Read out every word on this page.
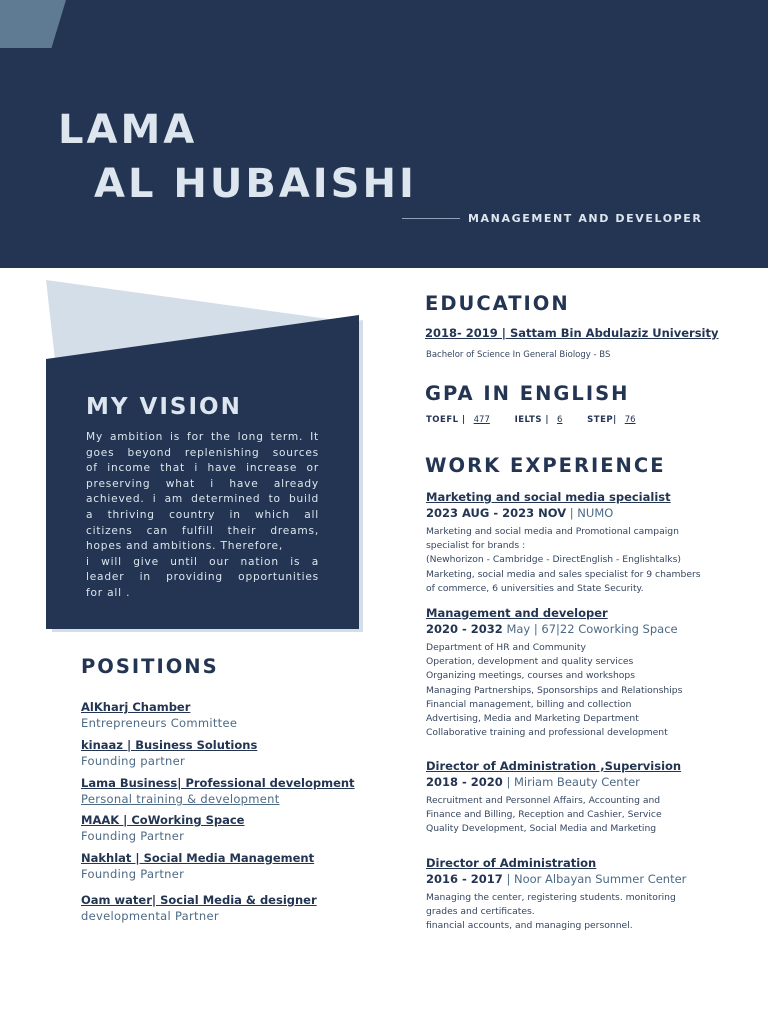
LAMA
AL HUBAISHI
MANAGEMENT AND DEVELOPER
MY VISION
My ambition is for the long term. It
goes beyond replenishing sources
of income that i have increase or
preserving what i have already
achieved. i am determined to build
a thriving country in which all
citizens can fulfill their dreams,
hopes and ambitions. Therefore,
i will give until our nation is a
leader in providing opportunities
for all .
POSITIONS
AlKharj Chamber
Entrepreneurs Committee
kinaaz | Business Solutions
Founding partner
Lama Business| Professional development
Personal training & development
MAAK | CoWorking Space
Founding Partner
Nakhlat | Social Media Management
Founding Partner
Oam water| Social Media & designer
developmental Partner
EDUCATION
2018- 2019 | Sattam Bin Abdulaziz University
Bachelor of Science In General Biology - BS
GPA IN ENGLISH
TOEFL | 477	IELTS | 6	STEP| 76
WORK EXPERIENCE
Marketing and social media specialist
2023 AUG - 2023 NOV | NUMO
Marketing and social media and Promotional campaign
specialist for brands :
(Newhorizon - Cambridge - DirectEnglish - Englishtalks)
Marketing, social media and sales specialist for 9 chambers
of commerce, 6 universities and State Security.
Management and developer
2020 - 2032 May | 67|22 Coworking Space
Department of HR and Community
Operation, development and quality services
Organizing meetings, courses and workshops
Managing Partnerships, Sponsorships and Relationships
Financial management, billing and collection
Advertising, Media and Marketing Department
Collaborative training and professional development
Director of Administration ,Supervision
2018 - 2020 | Miriam Beauty Center
Recruitment and Personnel Affairs, Accounting and
Finance and Billing, Reception and Cashier, Service
Quality Development, Social Media and Marketing
Director of Administration
2016 - 2017 | Noor Albayan Summer Center
Managing the center, registering students. monitoring
grades and certificates.
financial accounts, and managing personnel.
